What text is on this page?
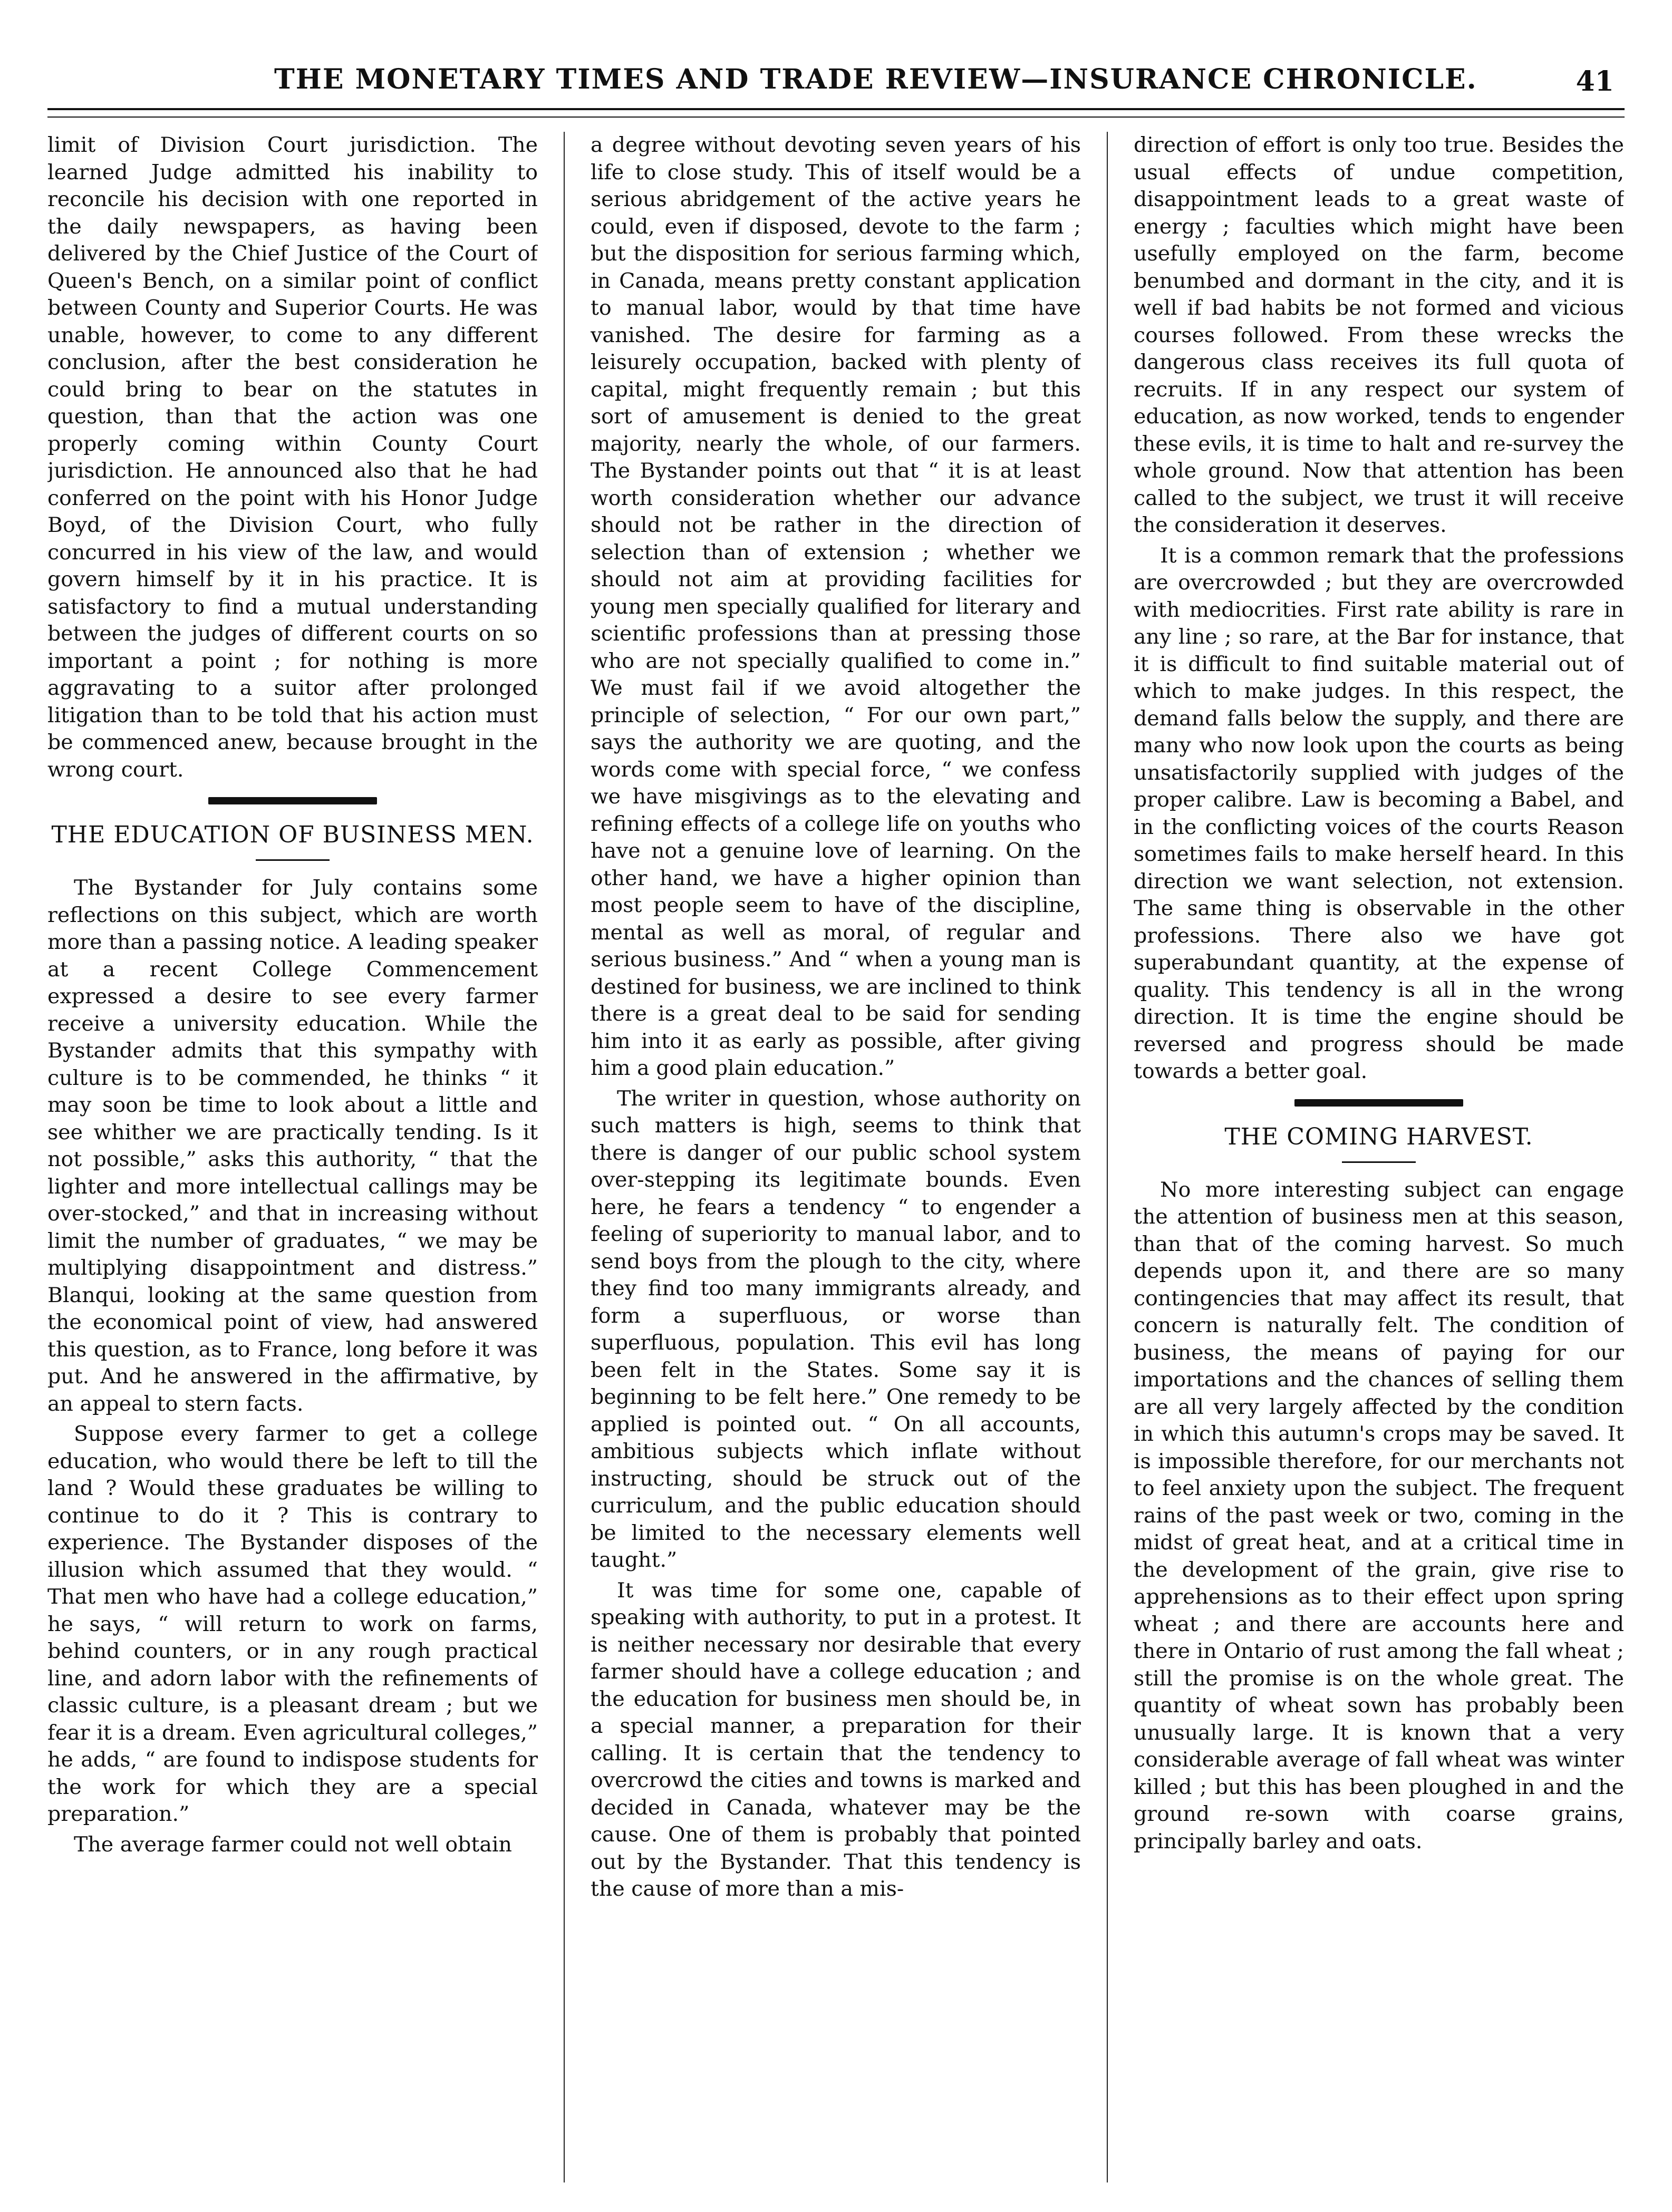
THE MONETARY TIMES AND TRADE REVIEW—INSURANCE CHRONICLE.	41

limit of Division Court jurisdiction. The learned Judge admitted his inability to reconcile his decision with one reported in the daily newspapers, as having been delivered by the Chief Justice of the Court of Queen's Bench, on a similar point of conflict between County and Superior Courts. He was unable, however, to come to any different conclusion, after the best consideration he could bring to bear on the statutes in question, than that the action was one properly coming within County Court jurisdiction. He announced also that he had conferred on the point with his Honor Judge Boyd, of the Division Court, who fully concurred in his view of the law, and would govern himself by it in his practice. It is satisfactory to find a mutual understanding between the judges of different courts on so important a point ; for nothing is more aggravating to a suitor after prolonged litigation than to be told that his action must be commenced anew, because brought in the wrong court.

THE EDUCATION OF BUSINESS MEN.

The Bystander for July contains some reflections on this subject, which are worth more than a passing notice. A leading speaker at a recent College Commencement expressed a desire to see every farmer receive a university education. While the Bystander admits that this sympathy with culture is to be commended, he thinks “ it may soon be time to look about a little and see whither we are practically tending. Is it not possible,” asks this authority, “ that the lighter and more intellectual callings may be over-stocked,” and that in increasing without limit the number of graduates, “ we may be multiplying disappointment and distress.” Blanqui, looking at the same question from the economical point of view, had answered this question, as to France, long before it was put. And he answered in the affirmative, by an appeal to stern facts.

Suppose every farmer to get a college education, who would there be left to till the land ? Would these graduates be willing to continue to do it ? This is contrary to experience. The Bystander disposes of the illusion which assumed that they would. “ That men who have had a college education,” he says, “ will return to work on farms, behind counters, or in any rough practical line, and adorn labor with the refinements of classic culture, is a pleasant dream ; but we fear it is a dream. Even agricultural colleges,” he adds, “ are found to indispose students for the work for which they are a special preparation.”

The average farmer could not well obtain

a degree without devoting seven years of his life to close study. This of itself would be a serious abridgement of the active years he could, even if disposed, devote to the farm ; but the disposition for serious farming which, in Canada, means pretty constant application to manual labor, would by that time have vanished. The desire for farming as a leisurely occupation, backed with plenty of capital, might frequently remain ; but this sort of amusement is denied to the great majority, nearly the whole, of our farmers. The Bystander points out that “ it is at least worth consideration whether our advance should not be rather in the direction of selection than of extension ; whether we should not aim at providing facilities for young men specially qualified for literary and scientific professions than at pressing those who are not specially qualified to come in.” We must fail if we avoid altogether the principle of selection, “ For our own part,” says the authority we are quoting, and the words come with special force, “ we confess we have misgivings as to the elevating and refining effects of a college life on youths who have not a genuine love of learning. On the other hand, we have a higher opinion than most people seem to have of the discipline, mental as well as moral, of regular and serious business.” And “ when a young man is destined for business, we are inclined to think there is a great deal to be said for sending him into it as early as possible, after giving him a good plain education.”

The writer in question, whose authority on such matters is high, seems to think that there is danger of our public school system over-stepping its legitimate bounds. Even here, he fears a tendency “ to engender a feeling of superiority to manual labor, and to send boys from the plough to the city, where they find too many immigrants already, and form a superfluous, or worse than superfluous, population. This evil has long been felt in the States. Some say it is beginning to be felt here.” One remedy to be applied is pointed out. “ On all accounts, ambitious subjects which inflate without instructing, should be struck out of the curriculum, and the public education should be limited to the necessary elements well taught.”

It was time for some one, capable of speaking with authority, to put in a protest. It is neither necessary nor desirable that every farmer should have a college education ; and the education for business men should be, in a special manner, a preparation for their calling. It is certain that the tendency to overcrowd the cities and towns is marked and decided in Canada, whatever may be the cause. One of them is probably that pointed out by the Bystander. That this tendency is the cause of more than a mis-

direction of effort is only too true. Besides the usual effects of undue competition, disappointment leads to a great waste of energy ; faculties which might have been usefully employed on the farm, become benumbed and dormant in the city, and it is well if bad habits be not formed and vicious courses followed. From these wrecks the dangerous class receives its full quota of recruits. If in any respect our system of education, as now worked, tends to engender these evils, it is time to halt and re-survey the whole ground. Now that attention has been called to the subject, we trust it will receive the consideration it deserves.

It is a common remark that the professions are overcrowded ; but they are overcrowded with mediocrities. First rate ability is rare in any line ; so rare, at the Bar for instance, that it is difficult to find suitable material out of which to make judges. In this respect, the demand falls below the supply, and there are many who now look upon the courts as being unsatisfactorily supplied with judges of the proper calibre. Law is becoming a Babel, and in the conflicting voices of the courts Reason sometimes fails to make herself heard. In this direction we want selection, not extension. The same thing is observable in the other professions. There also we have got superabundant quantity, at the expense of quality. This tendency is all in the wrong direction. It is time the engine should be reversed and progress should be made towards a better goal.

THE COMING HARVEST.

No more interesting subject can engage the attention of business men at this season, than that of the coming harvest. So much depends upon it, and there are so many contingencies that may affect its result, that concern is naturally felt. The condition of business, the means of paying for our importations and the chances of selling them are all very largely affected by the condition in which this autumn's crops may be saved. It is impossible therefore, for our merchants not to feel anxiety upon the subject. The frequent rains of the past week or two, coming in the midst of great heat, and at a critical time in the development of the grain, give rise to apprehensions as to their effect upon spring wheat ; and there are accounts here and there in Ontario of rust among the fall wheat ; still the promise is on the whole great. The quantity of wheat sown has probably been unusually large. It is known that a very considerable average of fall wheat was winter killed ; but this has been ploughed in and the ground re-sown with coarse grains, principally barley and oats.
